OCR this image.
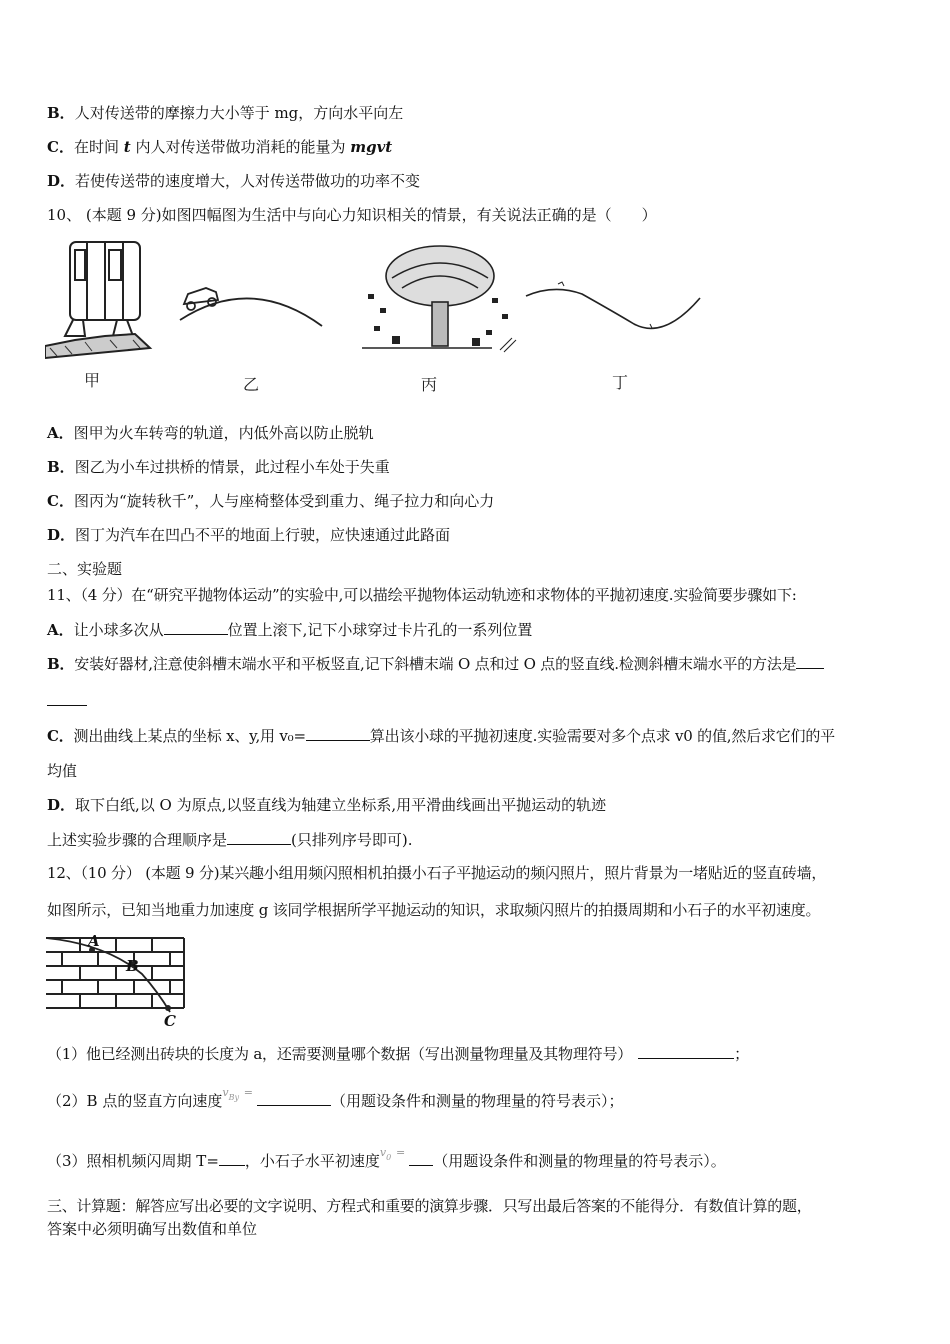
B．人对传送带的摩擦力大小等于 mg，方向水平向左
C．在时间 t 内人对传送带做功消耗的能量为 mgvt
D．若使传送带的速度增大，人对传送带做功的功率不变
10、 (本题 9 分)如图四幅图为生活中与向心力知识相关的情景，有关说法正确的是（　　）
甲	乙	丙	丁
A．图甲为火车转弯的轨道，内低外高以防止脱轨
B．图乙为小车过拱桥的情景，此过程小车处于失重
C．图丙为“旋转秋千”，人与座椅整体受到重力、绳子拉力和向心力
D．图丁为汽车在凹凸不平的地面上行驶，应快速通过此路面
二、实验题
11、（4 分）在“研究平抛物体运动”的实验中,可以描绘平抛物体运动轨迹和求物体的平抛初速度.实验简要步骤如下:
A．让小球多次从	位置上滚下,记下小球穿过卡片孔的一系列位置
B．安装好器材,注意使斜槽末端水平和平板竖直,记下斜槽末端 O 点和过 O 点的竖直线.检测斜槽末端水平的方法是
C．测出曲线上某点的坐标 x、y,用 v₀=	算出该小球的平抛初速度.实验需要对多个点求 v0 的值,然后求它们的平
均值
D．取下白纸,以 O 为原点,以竖直线为轴建立坐标系,用平滑曲线画出平抛运动的轨迹
上述实验步骤的合理顺序是	(只排列序号即可).
12、（10 分） (本题 9 分)某兴趣小组用频闪照相机拍摄小石子平抛运动的频闪照片，照片背景为一堵贴近的竖直砖墙，
如图所示，已知当地重力加速度 g 该同学根据所学平抛运动的知识，求取频闪照片的拍摄周期和小石子的水平初速度。
A
B
C
（1）他已经测出砖块的长度为 a，还需要测量哪个数据（写出测量物理量及其物理符号）	；
（2）B 点的竖直方向速度$v_{By}$ =	（用题设条件和测量的物理量的符号表示）；
（3）照相机频闪周期 T= ，小石子水平初速度$v_0$ = （用题设条件和测量的物理量的符号表示）。
三、计算题：解答应写出必要的文字说明、方程式和重要的演算步骤．只写出最后答案的不能得分．有数值计算的题，
答案中必须明确写出数值和单位
